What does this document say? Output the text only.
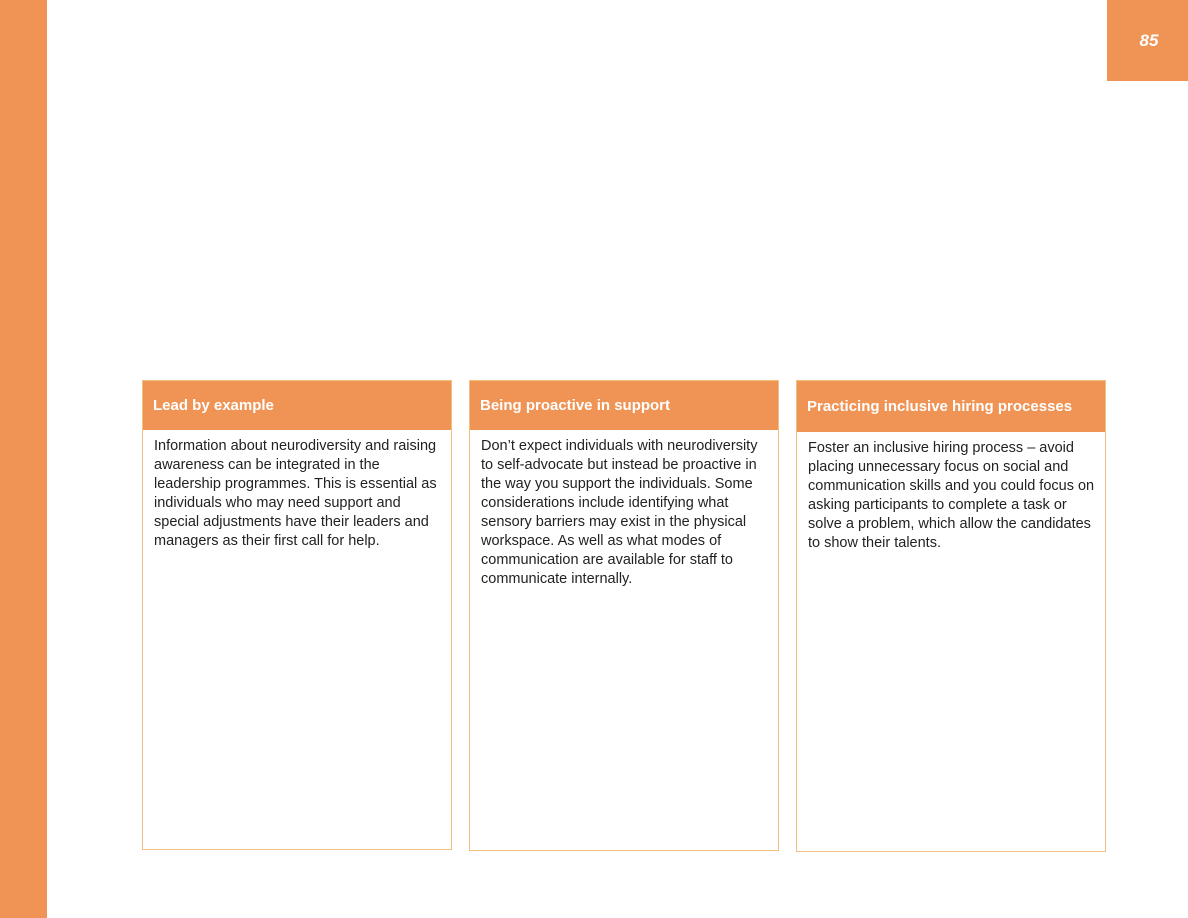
85
Lead by example
Information about neurodiversity and raising awareness can be integrated in the leadership programmes. This is essential as individuals who may need support and special adjustments have their leaders and managers as their first call for help.
Being proactive in support
Don’t expect individuals with neurodiversity to self-advocate but instead be proactive in the way you support the individuals. Some considerations include identifying what sensory barriers may exist in the physical workspace. As well as what modes of communication are available for staff to communicate internally.
Practicing inclusive hiring processes
Foster an inclusive hiring process – avoid placing unnecessary focus on social and communication skills and you could focus on asking participants to complete a task or solve a problem, which allow the candidates to show their talents.
